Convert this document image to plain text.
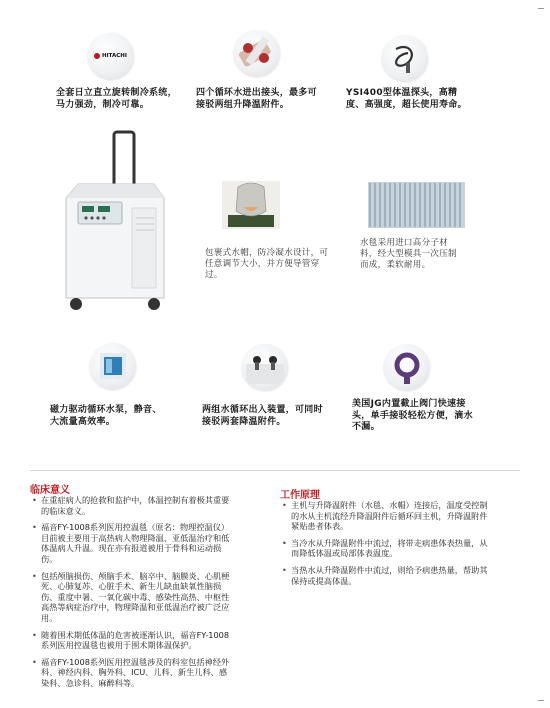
HITACHI
全套日立直立旋转制冷系统，马力强劲，制冷可靠。
四个循环水进出接头，最多可接驳两组升降温附件。
YSI400型体温探头，高精度、高强度，超长使用寿命。
包裹式水帽，防冷凝水设计，可任意调节大小，并方便导管穿过。
水毯采用进口高分子材料，经大型模具一次压制而成，柔软耐用。
磁力驱动循环水泵，静音、大流量高效率。
两组水循环出入装置，可同时接驳两套降温附件。
美国JG内置截止阀门快速接头，单手接驳轻松方便，滴水不漏。
临床意义
• 在重症病人的抢救和监护中，体温控制有着极其重要的临床意义。
• 福音FY-1008系列医用控温毯（原名：物理控温仪）目前被主要用于高热病人物理降温、亚低温治疗和低体温病人升温。现在亦有报道被用于骨科和运动损伤。
• 包括颅脑损伤、颅脑手术、脑卒中、脑膜炎、心肌梗死、心肺复苏、心脏手术、新生儿缺血缺氧性脑损伤、重度中暑、一氧化碳中毒、感染性高热、中枢性高热等病症治疗中，物理降温和亚低温治疗被广泛应用。
• 随着围术期低体温的危害被逐渐认识，福音FY-1008系列医用控温毯也被用于围术期体温保护。
• 福音FY-1008系列医用控温毯涉及的科室包括神经外科、神经内科、胸外科、ICU、儿科、新生儿科、感染科、急诊科、麻醉科等。
工作原理
• 主机与升降温附件（水毯、水帽）连接后，温度受控制的水从主机流经升降温附件后循环回主机，升降温附件紧贴患者体表。
• 当冷水从升降温附件中流过，将带走病患体表热量，从而降低体温或局部体表温度。
• 当热水从升降温附件中流过，则给予病患热量，帮助其保持或提高体温。
